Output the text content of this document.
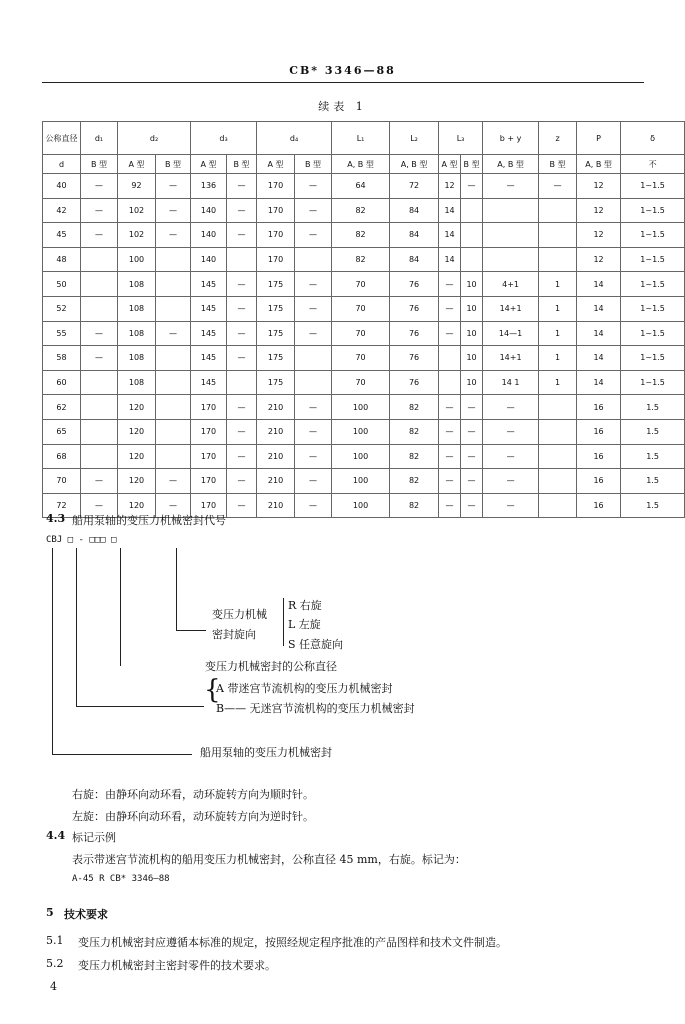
CB* 3346—88
续表 1
公称直径	d₁	d₂		d₃		d₄		L₁	L₂	L₃		b + y	z	P	δ
d	B 型	A 型	B 型	A 型	B 型	A 型	B 型	A, B 型	A, B 型	A 型	B 型	A, B 型	B 型	A, B 型	不
40	—	92	—	136	—	170	—	64	72	12	—	—	—	12	1~1.5
42	—	102	—	140	—	170	—	82	84	14				12	1~1.5
45	—	102	—	140	—	170	—	82	84	14				12	1~1.5
48		100		140		170		82	84	14				12	1~1.5
50		108		145	—	175	—	70	76	—	10	4+1	1	14	1~1.5
52		108		145	—	175	—	70	76	—	10	14+1	1	14	1~1.5
55	—	108	—	145	—	175	—	70	76	—	10	14—1	1	14	1~1.5
58	—	108		145	—	175		70	76		10	14+1	1	14	1~1.5
60		108		145		175		70	76		10	14 1	1	14	1~1.5
62		120		170	—	210	—	100	82	—	—	—		16	1.5
65		120		170	—	210	—	100	82	—	—	—		16	1.5
68		120		170	—	210	—	100	82	—	—	—		16	1.5
70	—	120	—	170	—	210	—	100	82	—	—	—		16	1.5
72	—	120	—	170	—	210	—	100	82	—	—	—		16	1.5
4.3 船用泵轴的变压力机械密封代号
CBJ □ - □□□ □
变压力机械
密封旋向
R 右旋
L 左旋
S 任意旋向
变压力机械密封的公称直径
{
A 带迷宫节流机构的变压力机械密封
B—— 无迷宫节流机构的变压力机械密封
船用泵轴的变压力机械密封
右旋：由静环向动环看，动环旋转方向为顺时针。
左旋：由静环向动环看，动环旋转方向为逆时针。
4.4 标记示例
表示带迷宫节流机构的船用变压力机械密封，公称直径 45 mm，右旋。标记为：
A-45 R CB* 3346—88
5 技术要求
5.1 变压力机械密封应遵循本标准的规定，按照经规定程序批准的产品图样和技术文件制造。
5.2 变压力机械密封主密封零件的技术要求。
4
